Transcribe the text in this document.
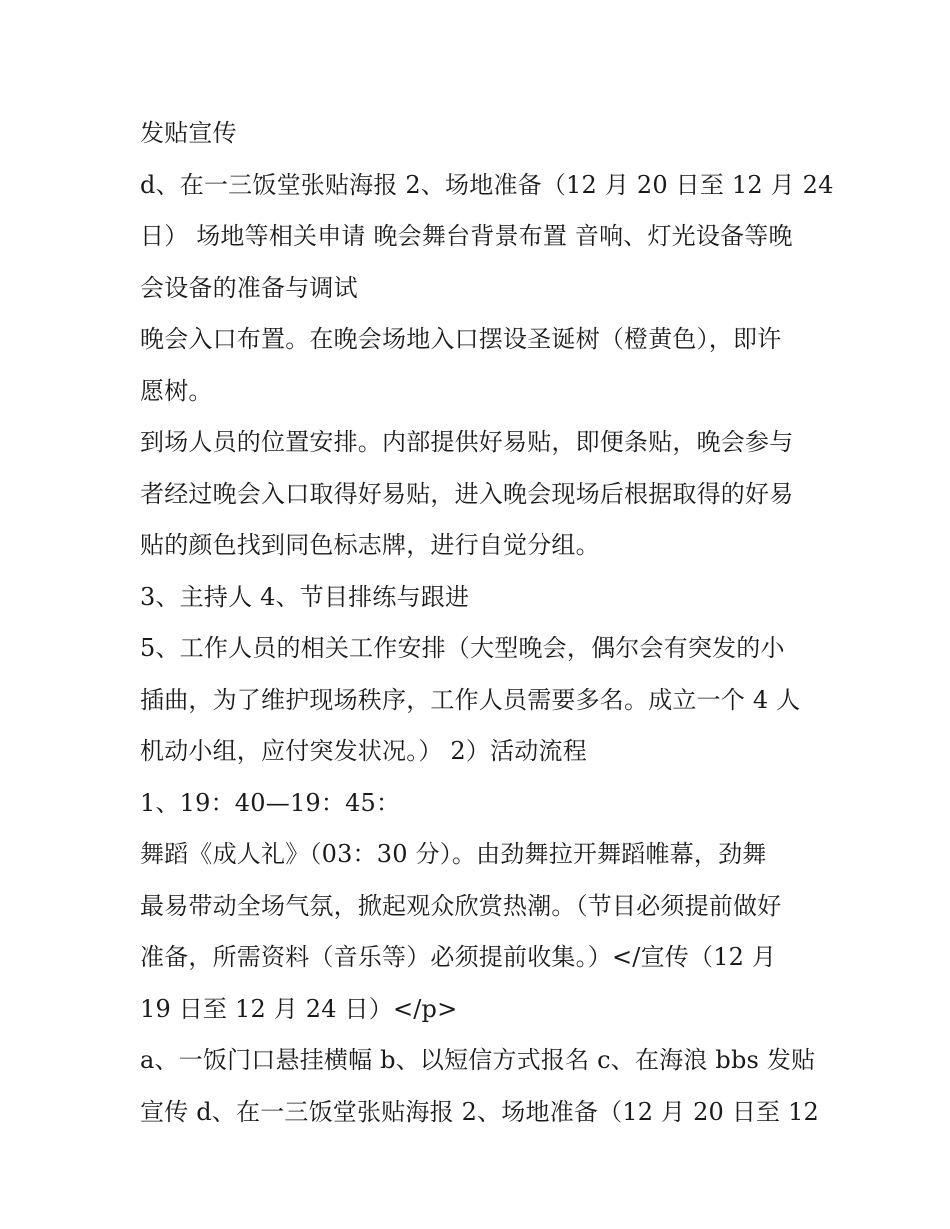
发贴宣传
d、在一三饭堂张贴海报 2、场地准备（12 月 20 日至 12 月 24
日） 场地等相关申请 晚会舞台背景布置 音响、灯光设备等晚
会设备的准备与调试
晚会入口布置。在晚会场地入口摆设圣诞树（橙黄色），即许
愿树。
到场人员的位置安排。内部提供好易贴，即便条贴，晚会参与
者经过晚会入口取得好易贴，进入晚会现场后根据取得的好易
贴的颜色找到同色标志牌，进行自觉分组。
3、主持人 4、节目排练与跟进
5、工作人员的相关工作安排（大型晚会，偶尔会有突发的小
插曲，为了维护现场秩序，工作人员需要多名。成立一个 4 人
机动小组，应付突发状况。） 2）活动流程
1、19：40—19：45：
舞蹈《成人礼》（03：30 分）。由劲舞拉开舞蹈帷幕，劲舞
最易带动全场气氛，掀起观众欣赏热潮。（节目必须提前做好
准备，所需资料（音乐等）必须提前收集。）</宣传（12 月
19 日至 12 月 24 日）</p>
a、一饭门口悬挂横幅 b、以短信方式报名 c、在海浪 bbs 发贴
宣传 d、在一三饭堂张贴海报 2、场地准备（12 月 20 日至 12
